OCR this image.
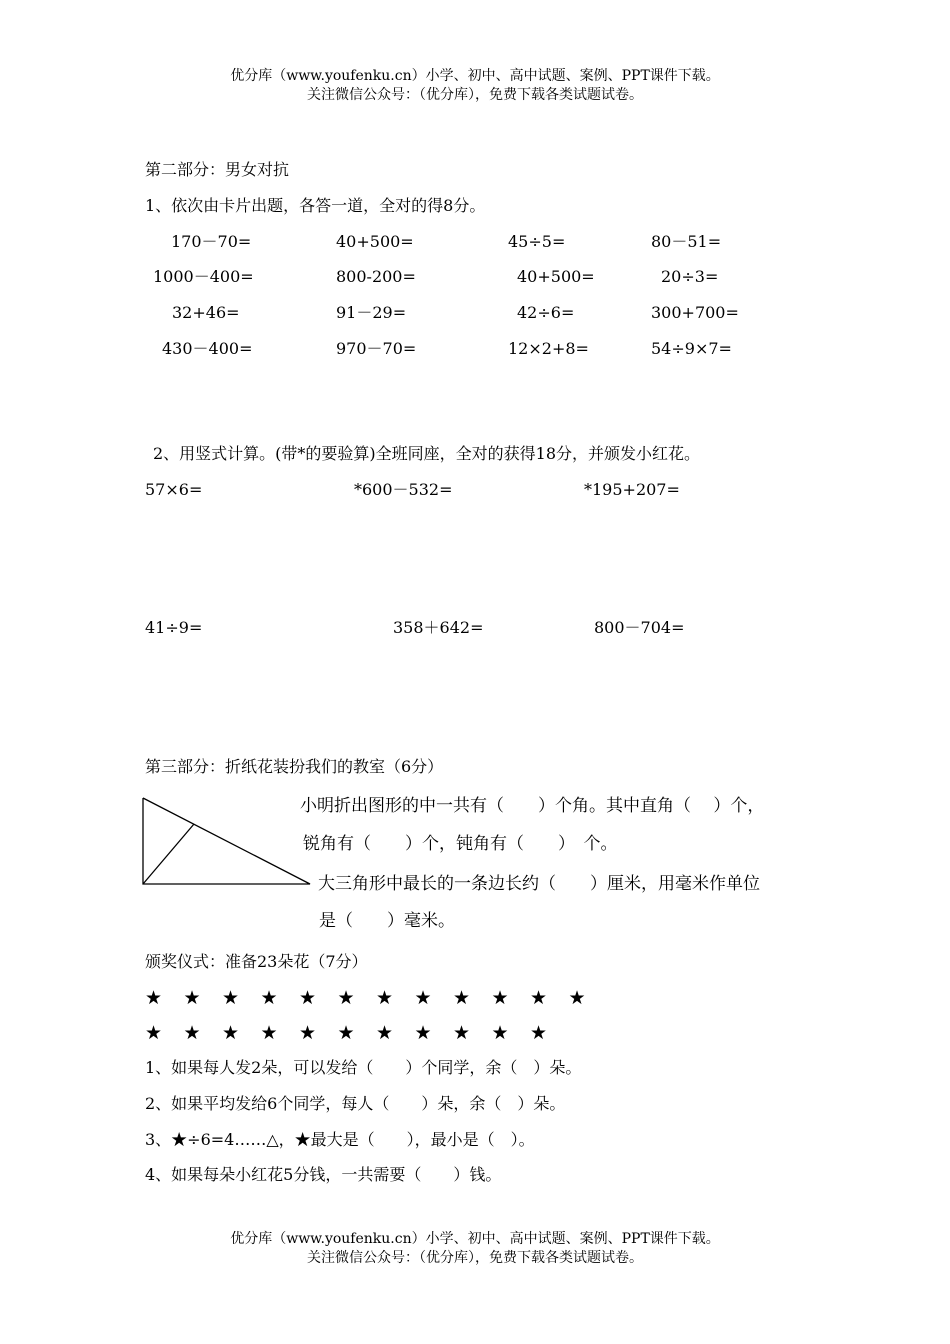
优分库（www.youfenku.cn）小学、初中、高中试题、案例、PPT课件下载。
关注微信公众号：（优分库），免费下载各类试题试卷。
第二部分：男女对抗
1、依次由卡片出题，各答一道，全对的得8分。
170－70=	40+500=	45÷5=	80－51=
1000－400=	800-200=	40+500=	20÷3=
32+46=	91－29=	42÷6=	300+700=
430－400=	970－70=	12×2+8=	54÷9×7=
2、用竖式计算。(带*的要验算)全班同座，全对的获得18分，并颁发小红花。
57×6=	*600－532=	*195+207=
41÷9=	358＋642=	800－704=
第三部分：折纸花装扮我们的教室（6分）
小明折出图形的中一共有（　　）个角。其中直角（　 ）个，
锐角有（　　）个，钝角有（　　）　个。
大三角形中最长的一条边长约（　　）厘米，用毫米作单位
是（　　）毫米。
颁奖仪式：准备23朵花（7分）
★ ★ ★ ★ ★ ★ ★ ★ ★ ★ ★ ★
★ ★ ★ ★ ★ ★ ★ ★ ★ ★ ★
1、如果每人发2朵，可以发给（　　）个同学，余（　）朵。
2、如果平均发给6个同学，每人（　　）朵，余（　）朵。
3、★÷6=4……△，★最大是（　　），最小是（　）。
4、如果每朵小红花5分钱，一共需要（　　）钱。
优分库（www.youfenku.cn）小学、初中、高中试题、案例、PPT课件下载。
关注微信公众号：（优分库），免费下载各类试题试卷。
